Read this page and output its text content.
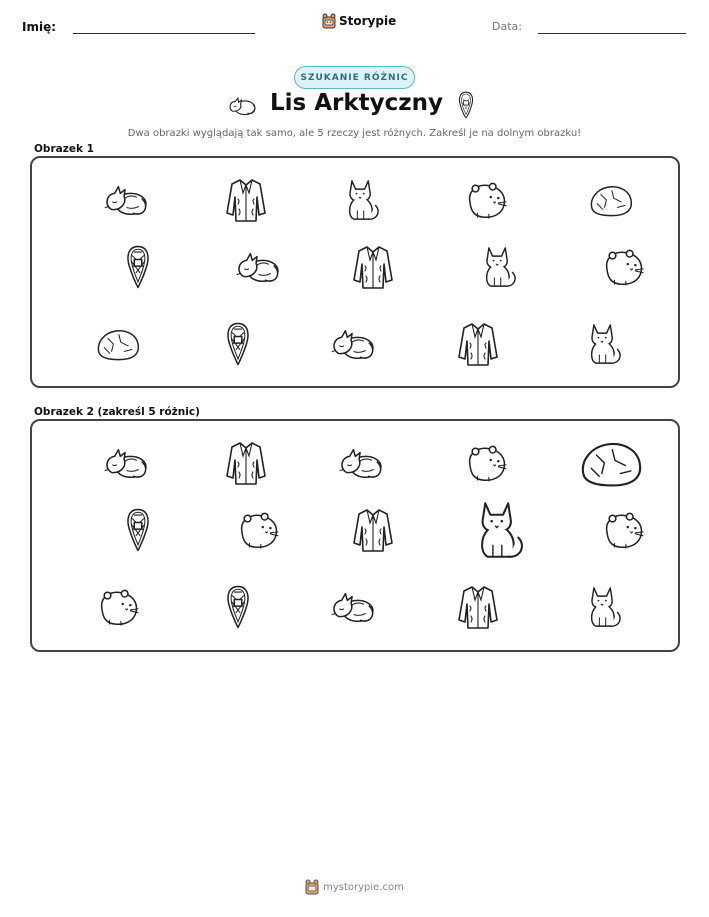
Imię:	Storypie	Data:
SZUKANIE RÓŻNIC
Lis Arktyczny

Dwa obrazki wyglądają tak samo, ale 5 rzeczy jest różnych. Zakreśl je na dolnym obrazku!

Obrazek 1
Obrazek 2 (zakreśl 5 różnic)
mystorypie.com
